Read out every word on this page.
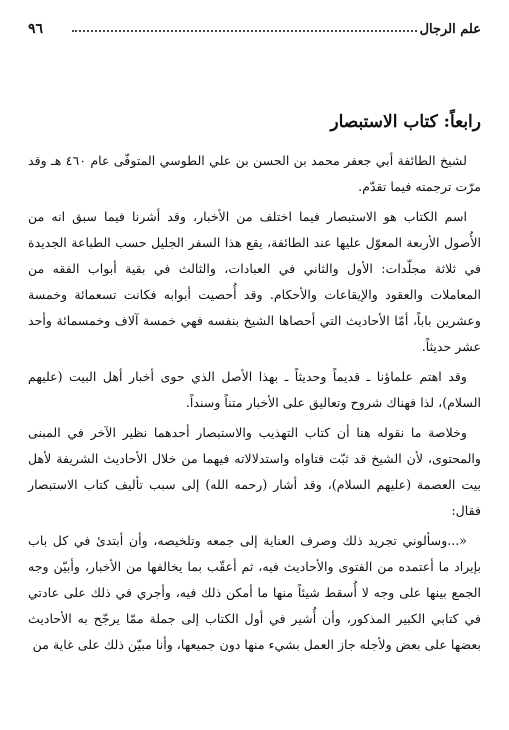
علم الرجال
٩٦
رابعاً: كتاب الاستبصار

لشيخ الطائفة أبي جعفر محمد بن الحسن بن علي الطوسي المتوفّى عام ٤٦٠ هـ وقد مرّت ترجمته فيما تقدّم.

اسم الكتاب هو الاستبصار فيما اختلف من الأخبار، وقد أشرنا فيما سبق انه من الأُصول الأربعة المعوّل عليها عند الطائفة، يقع هذا السفر الجليل حسب الطباعة الجديدة في ثلاثة مجلّدات: الأول والثاني في العبادات، والثالث في بقية أبواب الفقه من المعاملات والعقود والإيقاعات والأحكام. وقد أُحصيت أبوابه فكانت تسعمائة وخمسة وعشرين باباً، أمّا الأحاديث التي أحصاها الشيخ بنفسه فهي خمسة آلاف وخمسمائة وأحد عشر حديثاً.

وقد اهتم علماؤنا ـ قديماً وحديثاً ـ بهذا الأصل الذي حوى أخبار أهل البيت (عليهم السلام)، لذا فهناك شروح وتعاليق على الأخبار متناً وسنداً.

وخلاصة ما نقوله هنا أن كتاب التهذيب والاستبصار أحدهما نظير الآخر في المبنى والمحتوى، لأن الشيخ قد ثبّت فتاواه واستدلالاته فيهما من خلال الأحاديث الشريفة لأهل بيت العصمة (عليهم السلام)، وقد أشار (رحمه الله) إلى سبب تأليف كتاب الاستبصار فقال:

«...وسألوني تجريد ذلك وصرف العناية إلى جمعه وتلخيصه، وأن أبتدئ في كل باب بإيراد ما أعتمده من الفتوى والأحاديث فيه، ثم أعقّب بما يخالفها من الأخبار، وأبيّن وجه الجمع بينها على وجه لا أُسقط شيئاً منها ما أمكن ذلك فيه، وأجري في ذلك على عادتي في كتابي الكبير المذكور، وأن أُشير في أول الكتاب إلى جملة ممّا يرجّح به الأحاديث بعضها على بعض ولأجله جاز العمل بشيء منها دون جميعها، وأنا مبيّن ذلك على غاية من
